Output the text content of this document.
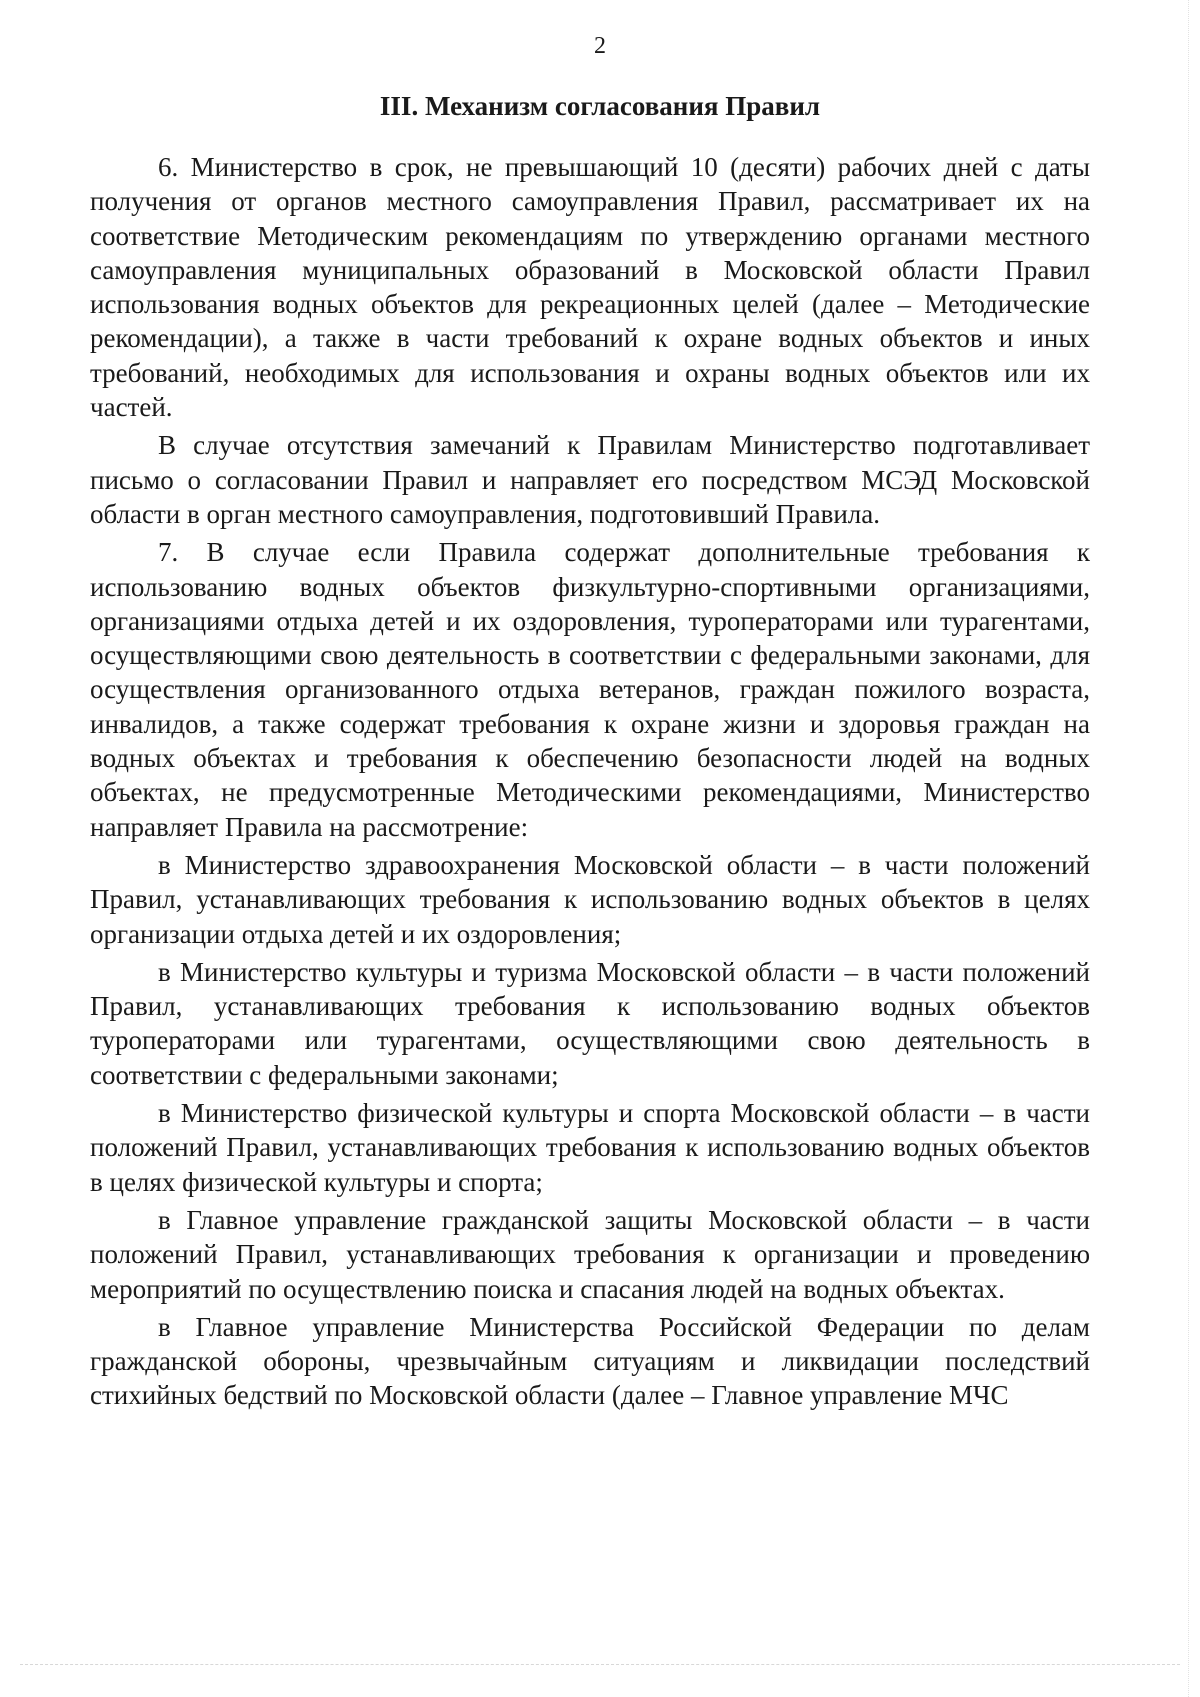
2
III. Механизм согласования Правил

6. Министерство в срок, не превышающий 10 (десяти) рабочих дней с даты получения от органов местного самоуправления Правил, рассматривает их на соответствие Методическим рекомендациям по утверждению органами местного самоуправления муниципальных образований в Московской области Правил использования водных объектов для рекреационных целей (далее – Методические рекомендации), а также в части требований к охране водных объектов и иных требований, необходимых для использования и охраны водных объектов или их частей.

В случае отсутствия замечаний к Правилам Министерство подготавливает письмо о согласовании Правил и направляет его посредством МСЭД Московской области в орган местного самоуправления, подготовивший Правила.

7. В случае если Правила содержат дополнительные требования к использованию водных объектов физкультурно-спортивными организациями, организациями отдыха детей и их оздоровления, туроператорами или турагентами, осуществляющими свою деятельность в соответствии с федеральными законами, для осуществления организованного отдыха ветеранов, граждан пожилого возраста, инвалидов, а также содержат требования к охране жизни и здоровья граждан на водных объектах и требования к обеспечению безопасности людей на водных объектах, не предусмотренные Методическими рекомендациями, Министерство направляет Правила на рассмотрение:

в Министерство здравоохранения Московской области – в части положений Правил, устанавливающих требования к использованию водных объектов в целях организации отдыха детей и их оздоровления;

в Министерство культуры и туризма Московской области – в части положений Правил, устанавливающих требования к использованию водных объектов туроператорами или турагентами, осуществляющими свою деятельность в соответствии с федеральными законами;

в Министерство физической культуры и спорта Московской области – в части положений Правил, устанавливающих требования к использованию водных объектов в целях физической культуры и спорта;

в Главное управление гражданской защиты Московской области – в части положений Правил, устанавливающих требования к организации и проведению мероприятий по осуществлению поиска и спасания людей на водных объектах.

в Главное управление Министерства Российской Федерации по делам гражданской обороны, чрезвычайным ситуациям и ликвидации последствий стихийных бедствий по Московской области (далее – Главное управление МЧС
